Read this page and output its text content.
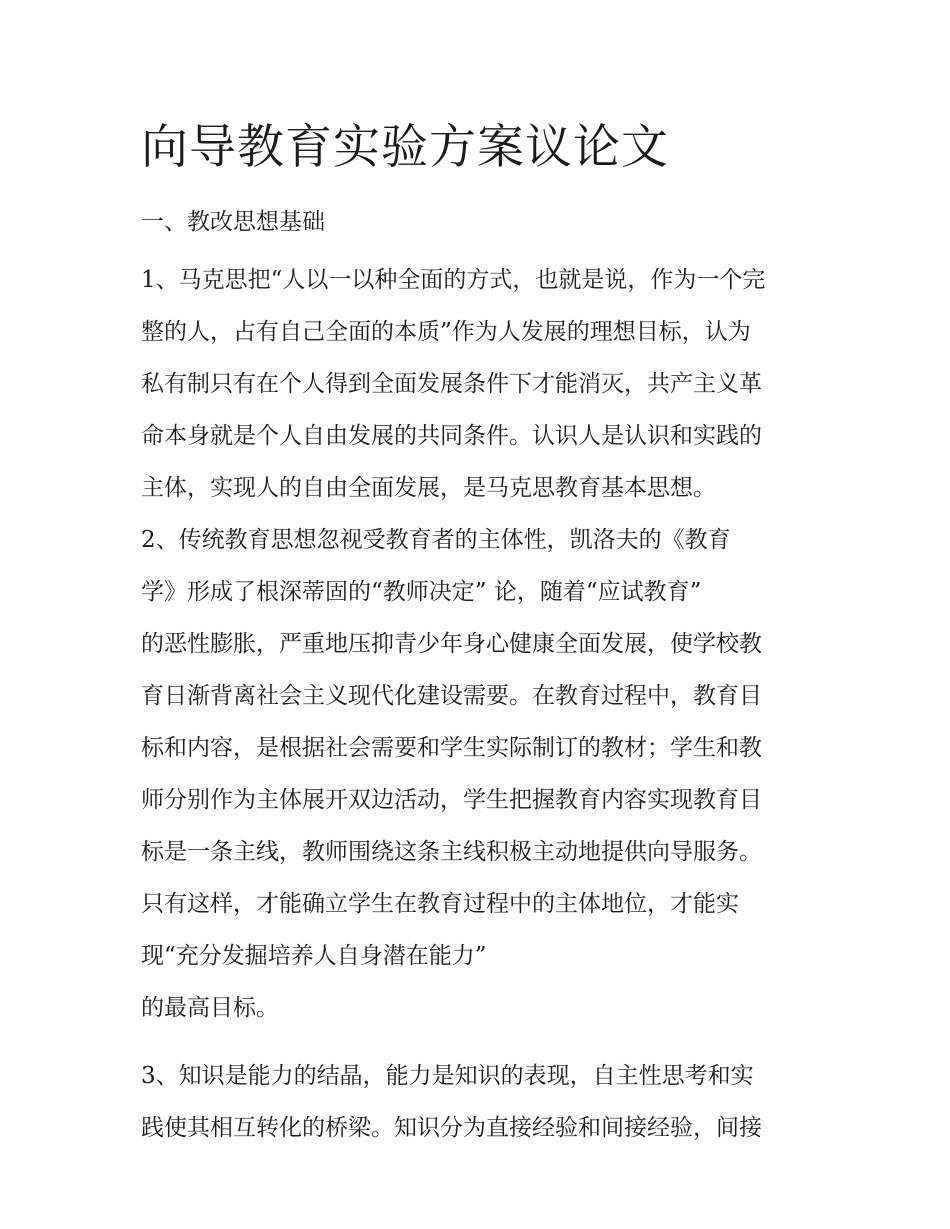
向导教育实验方案议论文
一、教改思想基础
1、马克思把“人以一以种全面的方式，也就是说，作为一个完
整的人，占有自己全面的本质”作为人发展的理想目标，认为
私有制只有在个人得到全面发展条件下才能消灭，共产主义革
命本身就是个人自由发展的共同条件。认识人是认识和实践的
主体，实现人的自由全面发展，是马克思教育基本思想。
2、传统教育思想忽视受教育者的主体性，凯洛夫的《教育
学》形成了根深蒂固的“教师决定” 论，随着“应试教育”
的恶性膨胀，严重地压抑青少年身心健康全面发展，使学校教
育日渐背离社会主义现代化建设需要。在教育过程中，教育目
标和内容，是根据社会需要和学生实际制订的教材；学生和教
师分别作为主体展开双边活动，学生把握教育内容实现教育目
标是一条主线，教师围绕这条主线积极主动地提供向导服务。
只有这样，才能确立学生在教育过程中的主体地位，才能实
现“充分发掘培养人自身潜在能力”
的最高目标。
3、知识是能力的结晶，能力是知识的表现，自主性思考和实
践使其相互转化的桥梁。知识分为直接经验和间接经验，间接
